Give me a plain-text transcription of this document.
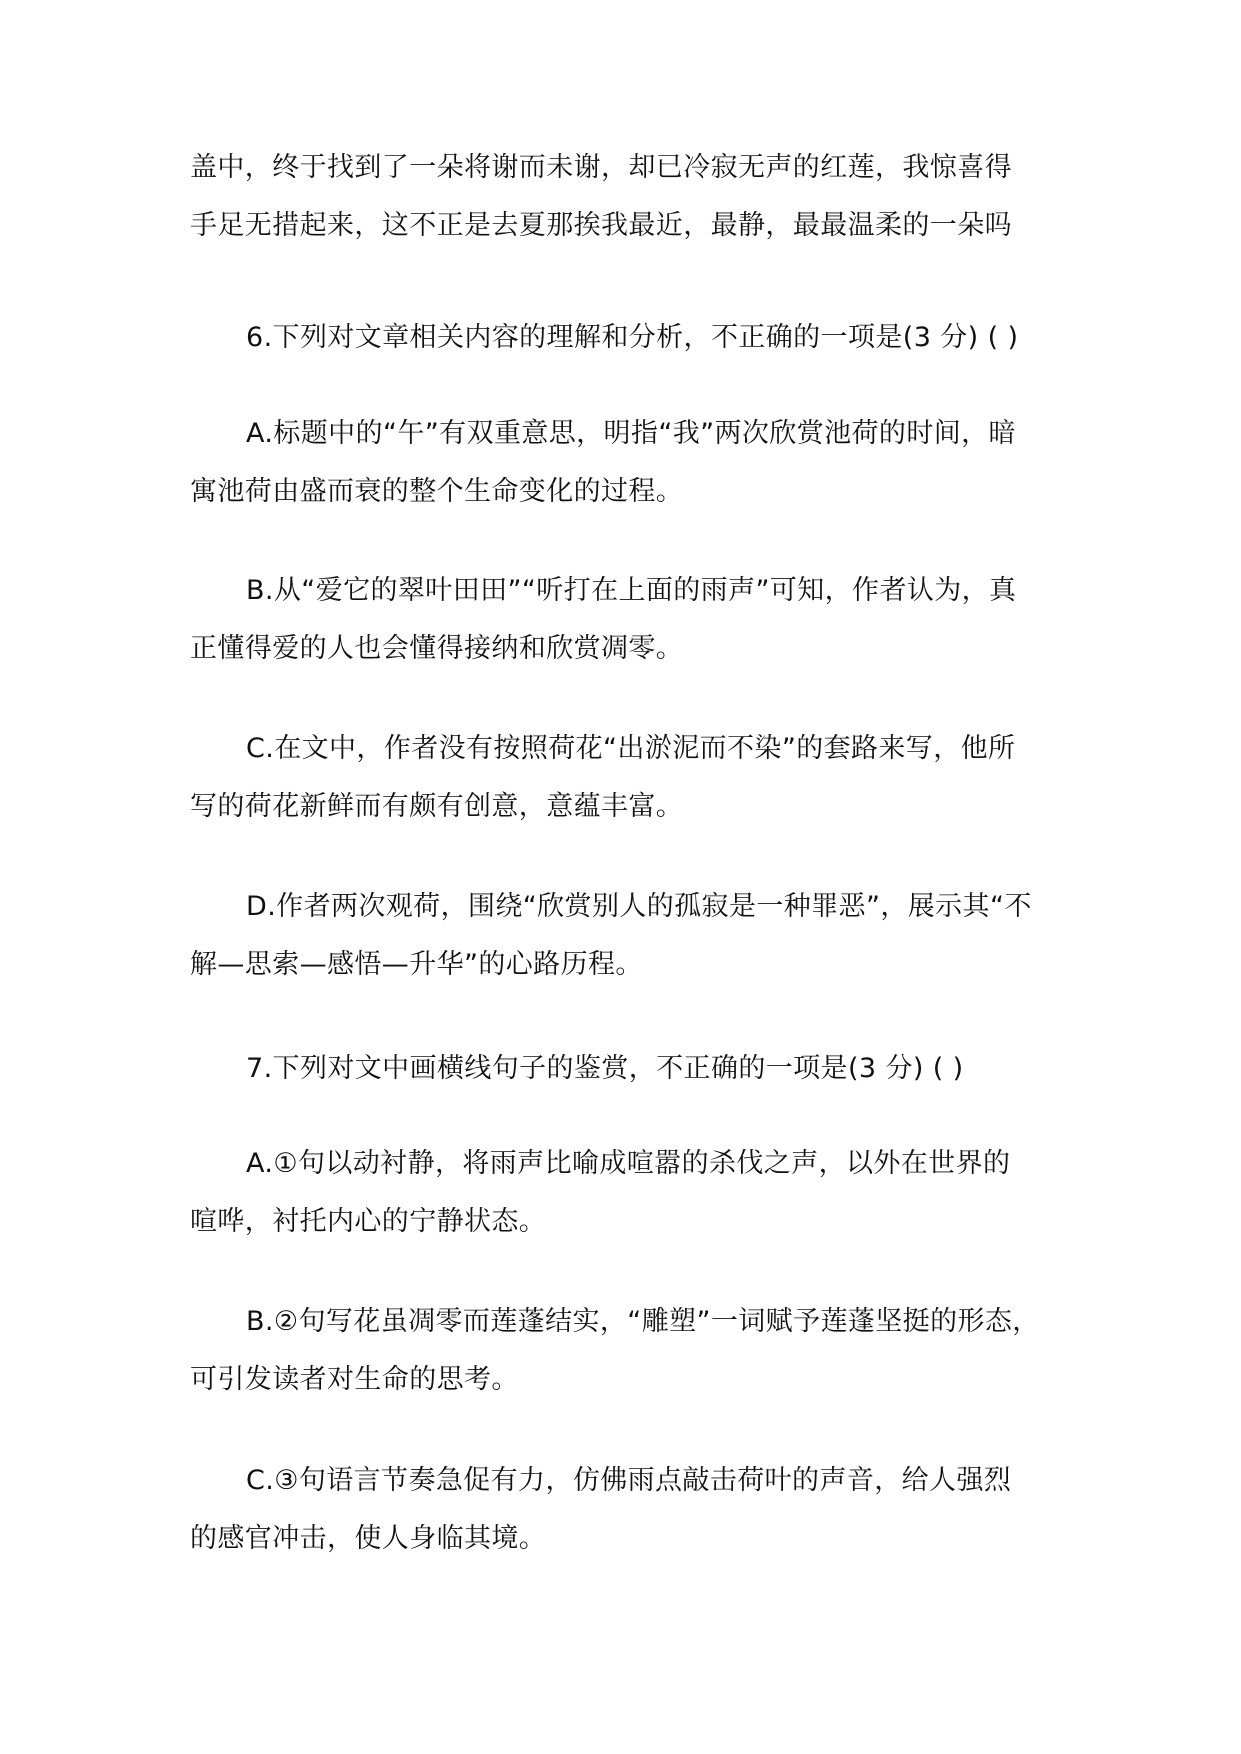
盖中，终于找到了一朵将谢而未谢，却已冷寂无声的红莲，我惊喜得
手足无措起来，这不正是去夏那挨我最近，最静，最最温柔的一朵吗
6.下列对文章相关内容的理解和分析，不正确的一项是(3 分) ( )
A.标题中的“午”有双重意思，明指“我”两次欣赏池荷的时间，暗
寓池荷由盛而衰的整个生命变化的过程。
B.从“爱它的翠叶田田”“听打在上面的雨声”可知，作者认为，真
正懂得爱的人也会懂得接纳和欣赏凋零。
C.在文中，作者没有按照荷花“出淤泥而不染”的套路来写，他所
写的荷花新鲜而有颇有创意，意蕴丰富。
D.作者两次观荷，围绕“欣赏别人的孤寂是一种罪恶”，展示其“不
解—思索—感悟—升华”的心路历程。
7.下列对文中画横线句子的鉴赏，不正确的一项是(3 分) ( )
A.①句以动衬静，将雨声比喻成喧嚣的杀伐之声，以外在世界的
喧哗，衬托内心的宁静状态。
B.②句写花虽凋零而莲蓬结实，“雕塑”一词赋予莲蓬坚挺的形态，
可引发读者对生命的思考。
C.③句语言节奏急促有力，仿佛雨点敲击荷叶的声音，给人强烈
的感官冲击，使人身临其境。
